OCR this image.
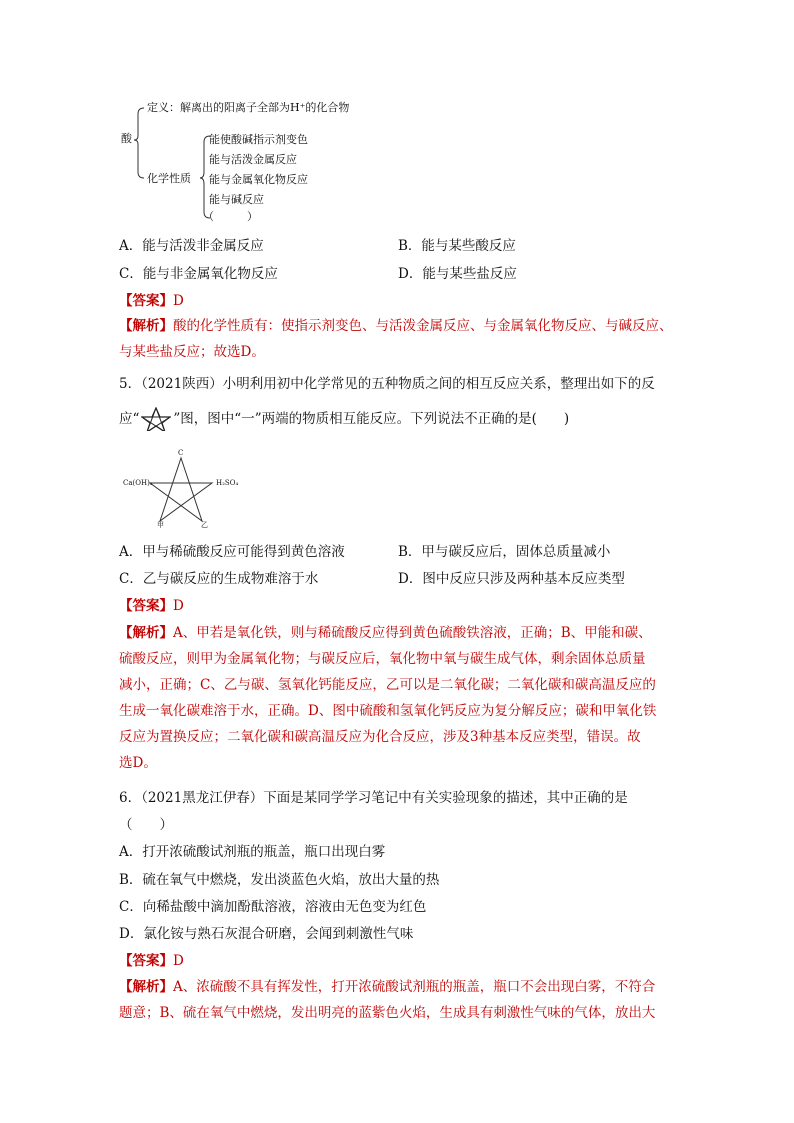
酸
定义：解离出的阳离子全部为H⁺的化合物
化学性质
能使酸碱指示剂变色
能与活泼金属反应
能与金属氧化物反应
能与碱反应
（　　　）
A．能与活泼非金属反应	B．能与某些酸反应
C．能与非金属氧化物反应	D．能与某些盐反应
【答案】D
【解析】酸的化学性质有：使指示剂变色、与活泼金属反应、与金属氧化物反应、与碱反应、与某些盐反应；故选D。
5．（2021陕西）小明利用初中化学常见的五种物质之间的相互反应关系，整理出如下的反
应“	”图，图中“一”两端的物质相互能反应。下列说法不正确的是(　　)
C
Ca(OH)₂	H₂SO₄
甲	乙
A．甲与稀硫酸反应可能得到黄色溶液	B．甲与碳反应后，固体总质量减小
C．乙与碳反应的生成物难溶于水	D．图中反应只涉及两种基本反应类型
【答案】D
【解析】A、甲若是氧化铁，则与稀硫酸反应得到黄色硫酸铁溶液，正确；B、甲能和碳、
硫酸反应，则甲为金属氧化物；与碳反应后，氧化物中氧与碳生成气体，剩余固体总质量
减小，正确；C、乙与碳、氢氧化钙能反应，乙可以是二氧化碳；二氧化碳和碳高温反应的
生成一氧化碳难溶于水，正确。D、图中硫酸和氢氧化钙反应为复分解反应；碳和甲氧化铁
反应为置换反应；二氧化碳和碳高温反应为化合反应，涉及3种基本反应类型，错误。故
选D。
6．（2021黑龙江伊春）下面是某同学学习笔记中有关实验现象的描述，其中正确的是
（　　）
A．打开浓硫酸试剂瓶的瓶盖，瓶口出现白雾
B．硫在氧气中燃烧，发出淡蓝色火焰，放出大量的热
C．向稀盐酸中滴加酚酞溶液，溶液由无色变为红色
D．氯化铵与熟石灰混合研磨，会闻到刺激性气味
【答案】D
【解析】A、浓硫酸不具有挥发性，打开浓硫酸试剂瓶的瓶盖，瓶口不会出现白雾，不符合
题意；B、硫在氧气中燃烧，发出明亮的蓝紫色火焰，生成具有刺激性气味的气体，放出大
